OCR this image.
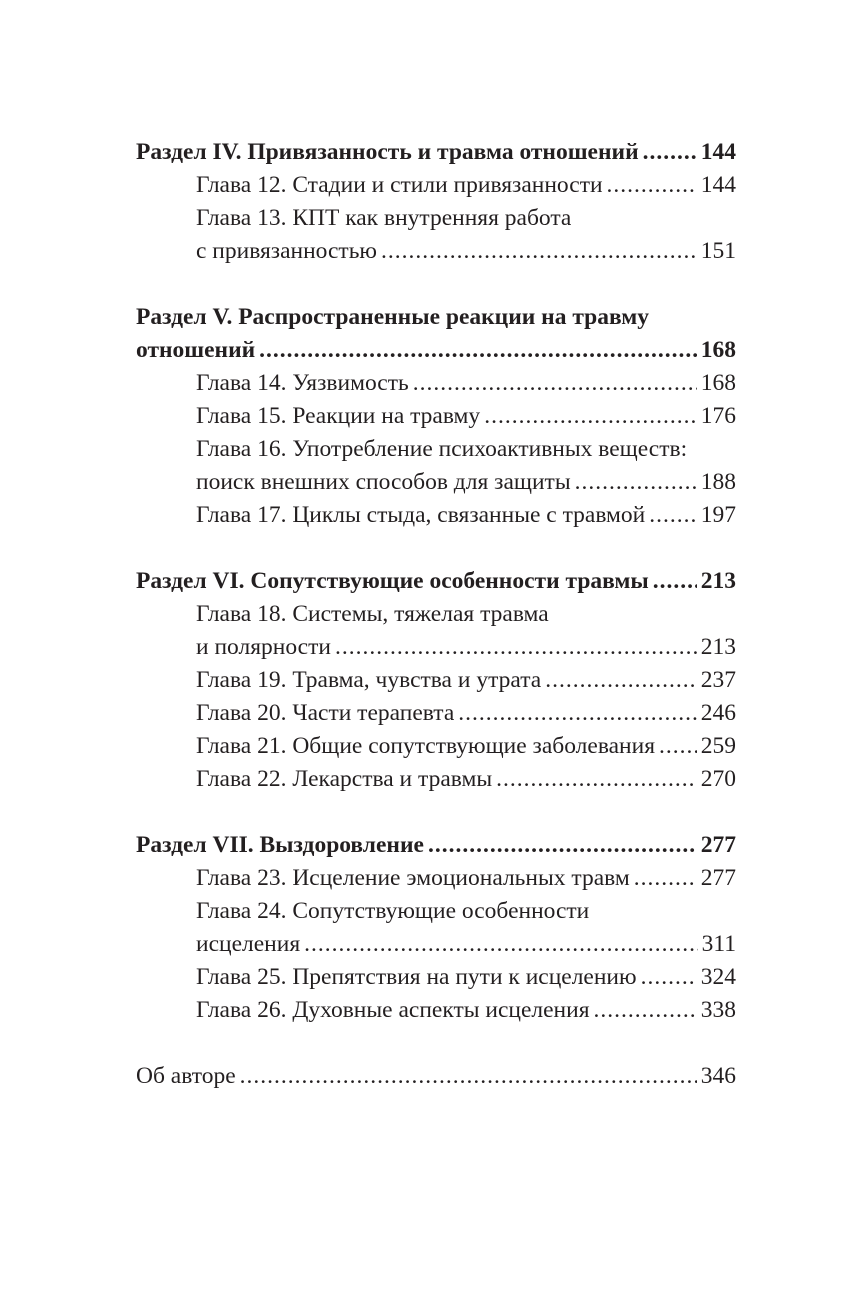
Раздел IV. Привязанность и травма отношений .....	144
Глава 12. Стадии и стили привязанности .....	144
Глава 13. КПТ как внутренняя работа
с привязанностью .....	151
Раздел V. Распространенные реакции на травму
отношений .....	168
Глава 14. Уязвимость .....	168
Глава 15. Реакции на травму .....	176
Глава 16. Употребление психоактивных веществ:
поиск внешних способов для защиты .....	188
Глава 17. Циклы стыда, связанные с травмой ..... 197
Раздел VI. Сопутствующие особенности травмы ..... 213
Глава 18. Системы, тяжелая травма
и полярности .....	213
Глава 19. Травма, чувства и утрата .....	237
Глава 20. Части терапевта .....	246
Глава 21. Общие сопутствующие заболевания ..... 259
Глава 22. Лекарства и травмы .....	270
Раздел VII. Выздоровление .....	277
Глава 23. Исцеление эмоциональных травм .....	277
Глава 24. Сопутствующие особенности
исцеления .....	311
Глава 25. Препятствия на пути к исцелению .....	324
Глава 26. Духовные аспекты исцеления .....	338
Об авторе .....	346
